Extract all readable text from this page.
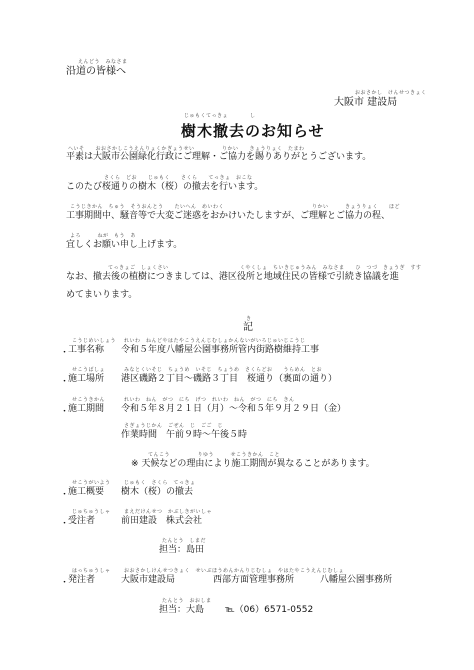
えんどう　みなさま
沿道の皆様へ
おおさかし　けんせつきょく
大阪市 建設局
じゅもくてっきょ　　　　し
樹木撤去のお知らせ
へいそ　　おおさかしこうえんりょくかぎょうせい　　　　　りかい　　きょうりょく　たまわ
平素は大阪市公園緑化行政にご理解・ご協力を賜りありがとうございます。
さくら　どお　　じゅもく　　さくら　　てっきょ　おこな
このたび桜通りの樹木（桜）の撤去を行います。
こうじきかん　ちゅう　そうおんとう　　たいへん　めいわく　　　　　　　　　　　　　　　　りかい　　　きょうりょく　　ほど
工事期間中、騒音等で大変ご迷惑をおかけいたしますが、ご理解とご協力の程、
よろ　　　ねが　もう　あ
宜しくお願い申し上げます。
てっきょご　しょくさい　　　　　　　　　　　　　くやくしょ　ちいきじゅうみん　みなさま　　ひ　つづ　きょうぎ　すす
なお、撤去後の植樹につきましては、港区役所と地域住民の皆様で引続き協議を進
めてまいります。
き
記
・
こうじめいしょう
工事名称
れいわ　ねんどやはたやこうえんじむしょかんないがいろじゅいじこうじ
令和５年度八幡屋公園事務所管内街路樹維持工事
・
せこうばしょ
施工場所
みなとくいそじ　ちょうめ　いそじ　ちょうめ　さくらどお　　うらめん　とお
港区磯路２丁目～磯路３丁目　桜通り（裏面の通り）
・
せこうきかん
施工期間
れいわ　ねん　がつ　にち　げつ　れいわ　ねん　がつ　にち　きん
令和５年８月２１日（月）～令和５年９月２９日（金）
さぎょうじかん　ごぜん　じ　ごご　じ
作業時間　午前９時～午後５時
てんこう　　　　　りゆう　　　せこうきかん　こと
※ 天候などの理由により施工期間が異なることがあります。
・
せこうがいよう
施工概要
じゅもく　さくら　てっきょ
樹木（桜）の撤去
・
じゅちゅうしゃ
受注者
まえだけんせつ　かぶしきがいしゃ
前田建設　株式会社
たんとう　しまだ
担当：島田
・
はっちゅうしゃ
発注者
おおさかしけんせつきょく　せいぶほうめんかんりじむしょ　やはたやこうえんじむしょ
大阪市建設局	西部方面管理事務所	八幡屋公園事務所
たんとう　おおしま
担当：大島 ℡（06）6571-0552
